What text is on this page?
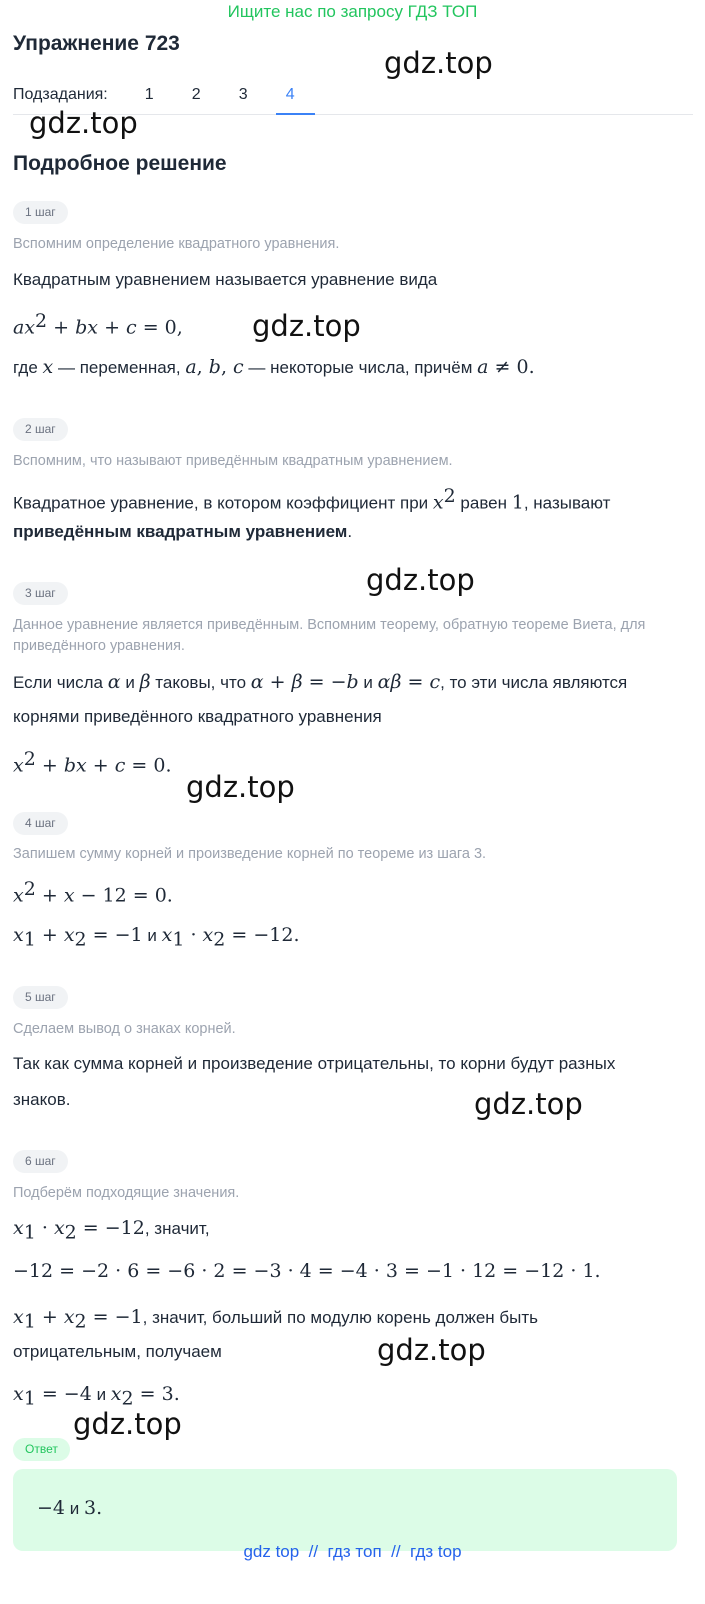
Ищите нас по запросу ГДЗ ТОП
Упражнение 723
Подзадания:	1	2	3	4
Подробное решение
1 шаг
Вспомним определение квадратного уравнения.
Квадратным уравнением называется уравнение вида
$ax^2$ + bx + c = 0,
где x — переменная, a, b, c — некоторые числа, причём a ≠ 0.
2 шаг
Вспомним, что называют приведённым квадратным уравнением.
Квадратное уравнение, в котором коэффициент при $x^2$ равен 1, называют
приведённым квадратным уравнением.
3 шаг
Данное уравнение является приведённым. Вспомним теорему, обратную теореме Виета, для приведённого уравнения.
Если числа α и β таковы, что α + β = −b и αβ = c, то эти числа являются
корнями приведённого квадратного уравнения
$x^2$ + bx + c = 0.
4 шаг
Запишем сумму корней и произведение корней по теореме из шага 3.
$x^2 + x - 12 = 0$.
$x_1 + x_2 = -1$ и $x_1 \cdot x_2 = -12$.
5 шаг
Сделаем вывод о знаках корней.
Так как сумма корней и произведение отрицательны, то корни будут разных
знаков.
6 шаг
Подберём подходящие значения.
$x_1 \cdot x_2 = -12$, значит,
−12 = −2 · 6 = −6 · 2 = −3 · 4 = −4 · 3 = −1 · 12 = −12 · 1.
$x_1 + x_2 = -1$, значит, больший по модулю корень должен быть
отрицательным, получаем
$x_1 = -4$ и $x_2 = 3$.
Ответ
−4 и 3.
gdz.top
gdz.top
gdz.top
gdz.top
gdz.top
gdz.top
gdz.top
gdz.top
gdz top  //  гдз топ  //  гдз top
